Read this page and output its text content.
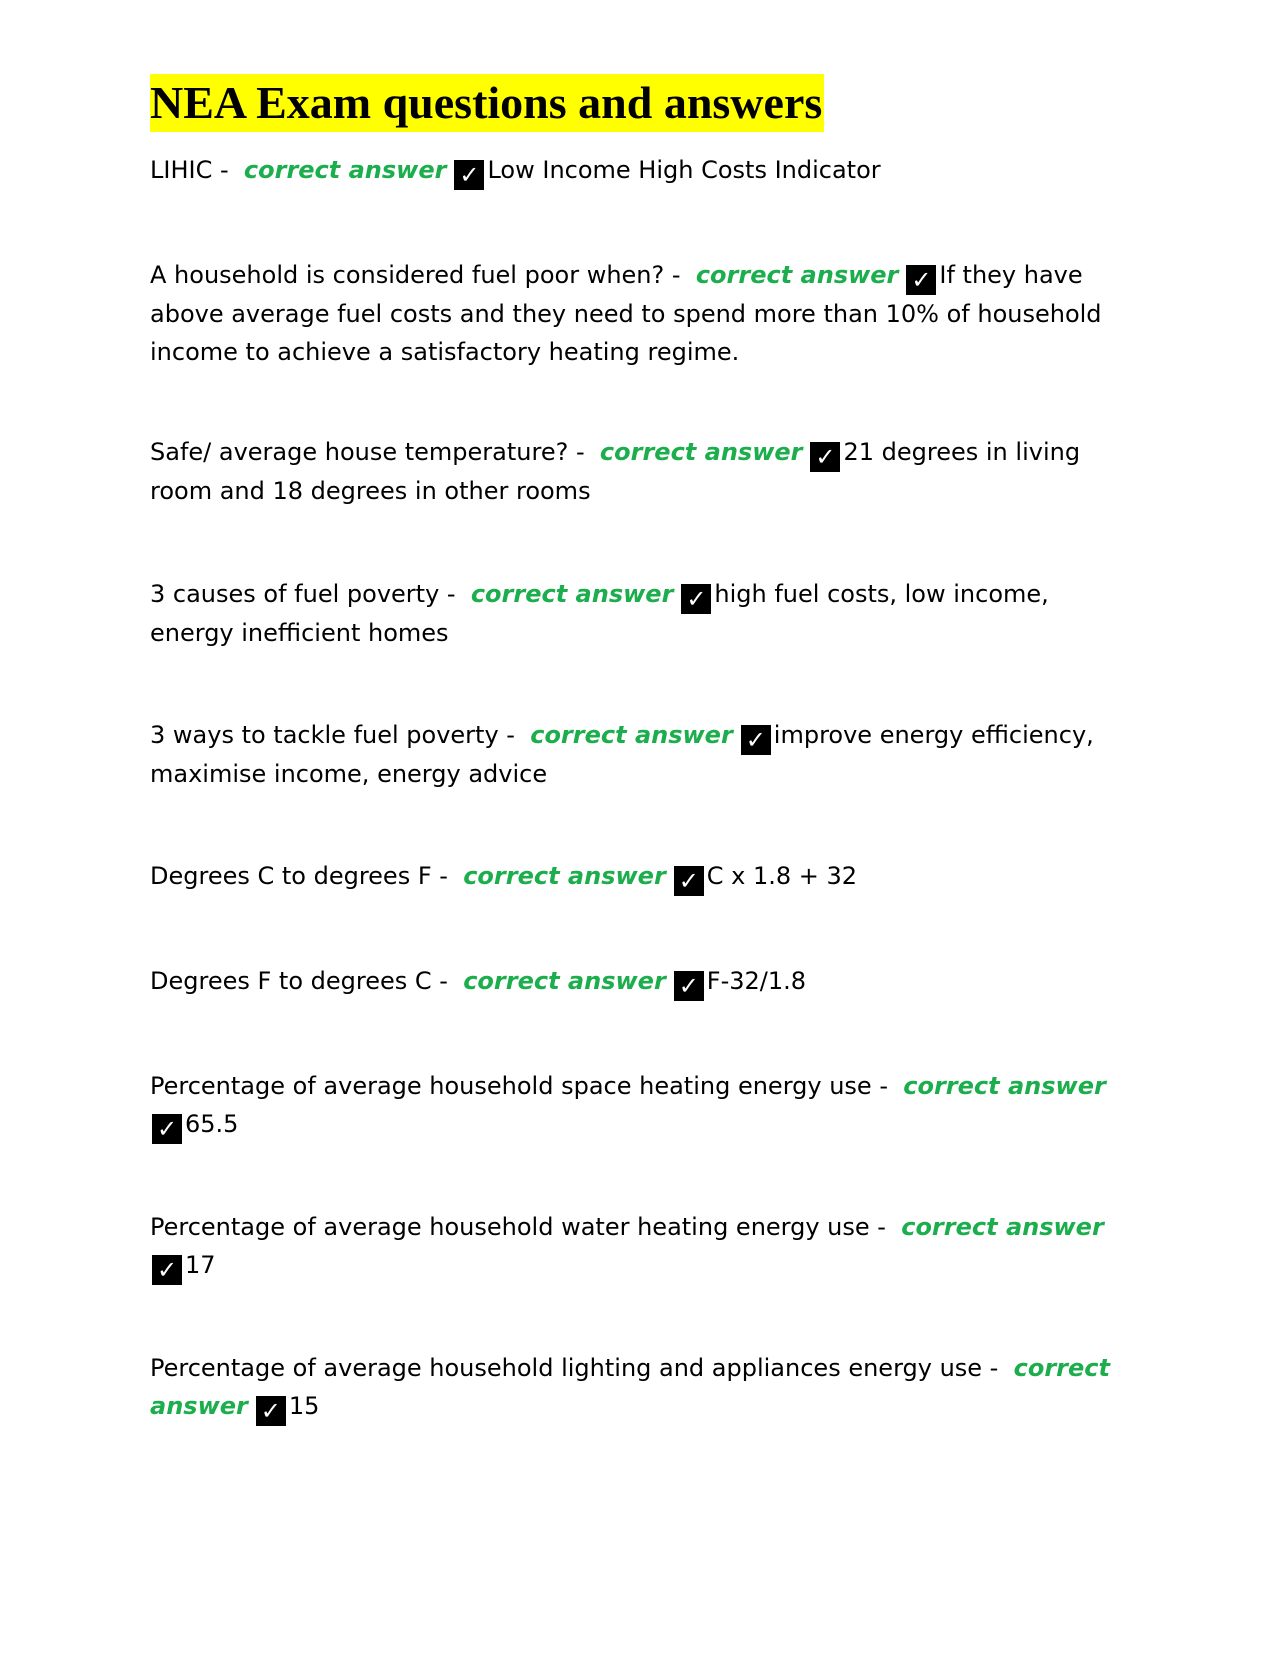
NEA Exam questions and answers

LIHIC - correct answer ✓ Low Income High Costs Indicator

A household is considered fuel poor when? - correct answer ✓ If they have above average fuel costs and they need to spend more than 10% of household income to achieve a satisfactory heating regime.

Safe/ average house temperature? - correct answer ✓ 21 degrees in living room and 18 degrees in other rooms

3 causes of fuel poverty - correct answer ✓ high fuel costs, low income, energy inefficient homes

3 ways to tackle fuel poverty - correct answer ✓ improve energy efficiency, maximise income, energy advice

Degrees C to degrees F - correct answer ✓ C x 1.8 + 32

Degrees F to degrees C - correct answer ✓ F-32/1.8

Percentage of average household space heating energy use - correct answer
✓ 65.5

Percentage of average household water heating energy use - correct answer
✓ 17

Percentage of average household lighting and appliances energy use - correct
answer ✓ 15
